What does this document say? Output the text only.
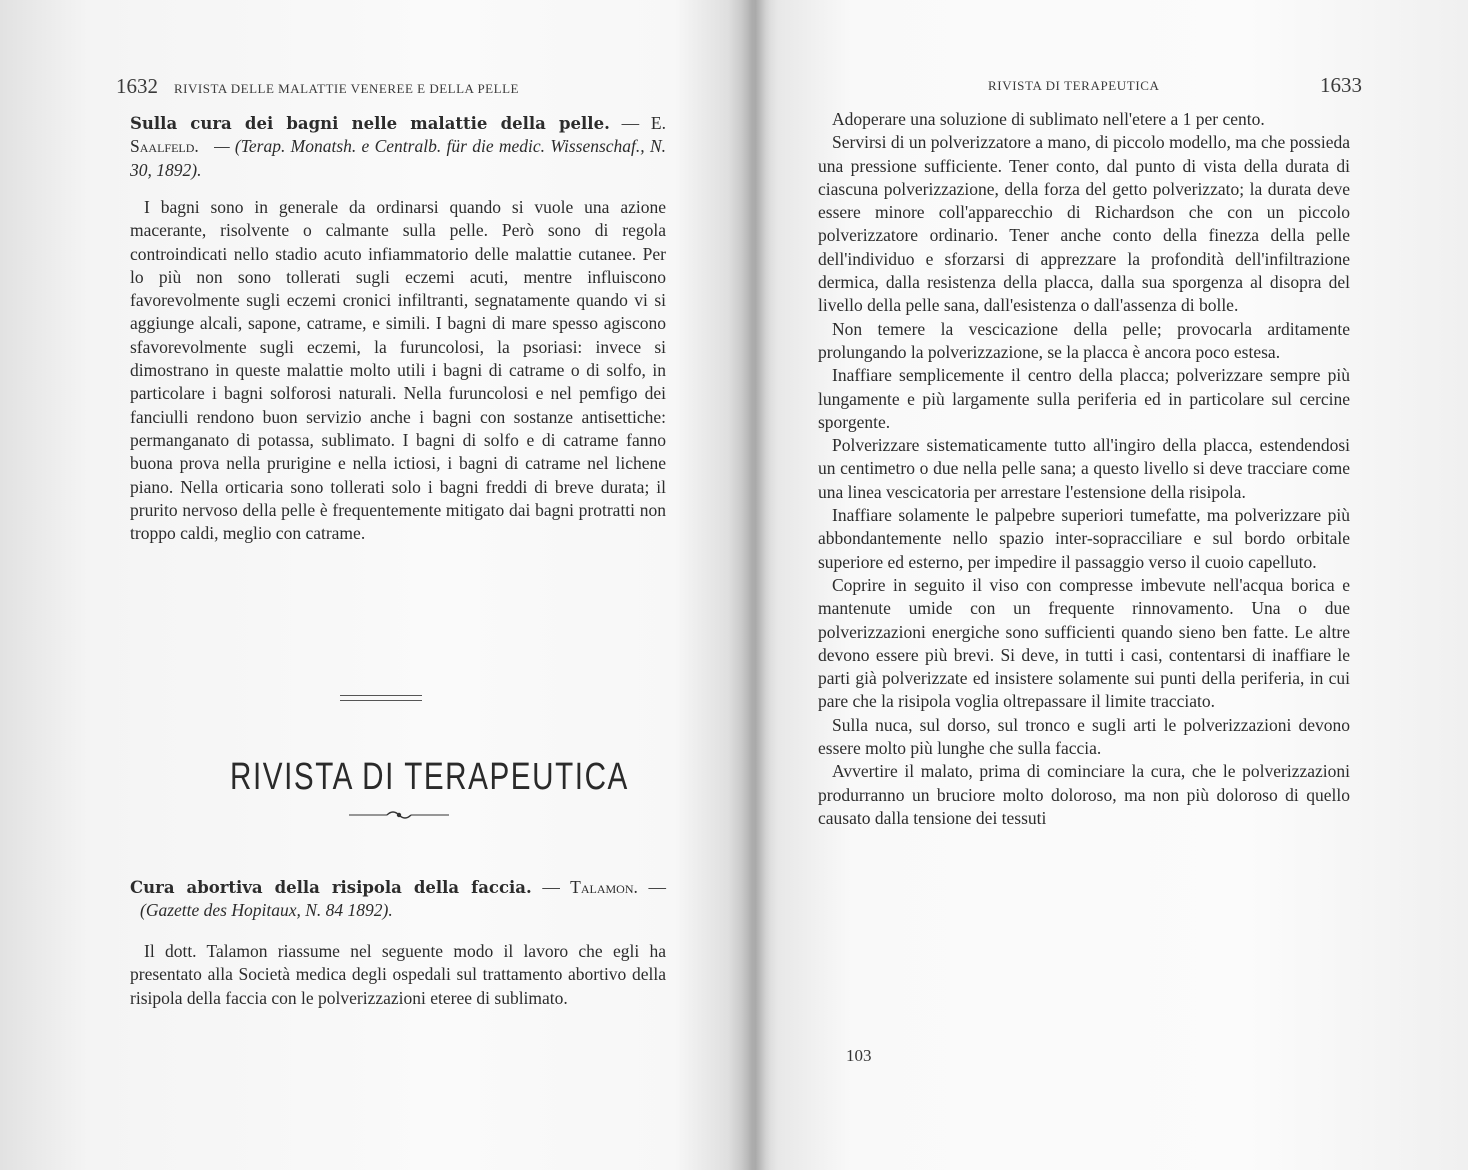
1632 RIVISTA DELLE MALATTIE VENEREE E DELLA PELLE

Sulla cura dei bagni nelle malattie della pelle. — E. Saalfeld. — (Terap. Monatsh. e Centralb. für die medic. Wissenschaf., N. 30, 1892).

I bagni sono in generale da ordinarsi quando si vuole una azione macerante, risolvente o calmante sulla pelle. Però sono di regola controindicati nello stadio acuto infiammatorio delle malattie cutanee. Per lo più non sono tollerati sugli eczemi acuti, mentre influiscono favorevolmente sugli eczemi cronici infiltranti, segnatamente quando vi si aggiunge alcali, sapone, catrame, e simili. I bagni di mare spesso agiscono sfavorevolmente sugli eczemi, la furuncolosi, la psoriasi: invece si dimostrano in queste malattie molto utili i bagni di catrame o di solfo, in particolare i bagni solforosi naturali. Nella furuncolosi e nel pemfigo dei fanciulli rendono buon servizio anche i bagni con sostanze antisettiche: permanganato di potassa, sublimato. I bagni di solfo e di catrame fanno buona prova nella prurigine e nella ictiosi, i bagni di catrame nel lichene piano. Nella orticaria sono tollerati solo i bagni freddi di breve durata; il prurito nervoso della pelle è frequentemente mitigato dai bagni protratti non troppo caldi, meglio con catrame.

RIVISTA DI TERAPEUTICA

Cura abortiva della risipola della faccia. — Talamon. — (Gazette des Hopitaux, N. 84 1892).

Il dott. Talamon riassume nel seguente modo il lavoro che egli ha presentato alla Società medica degli ospedali sul trattamento abortivo della risipola della faccia con le polverizzazioni eteree di sublimato.

RIVISTA DI TERAPEUTICA	1633

Adoperare una soluzione di sublimato nell'etere a 1 per cento.

Servirsi di un polverizzatore a mano, di piccolo modello, ma che possieda una pressione sufficiente. Tener conto, dal punto di vista della durata di ciascuna polverizzazione, della forza del getto polverizzato; la durata deve essere minore coll'apparecchio di Richardson che con un piccolo polverizzatore ordinario. Tener anche conto della finezza della pelle dell'individuo e sforzarsi di apprezzare la profondità dell'infiltrazione dermica, dalla resistenza della placca, dalla sua sporgenza al disopra del livello della pelle sana, dall'esistenza o dall'assenza di bolle.

Non temere la vescicazione della pelle; provocarla arditamente prolungando la polverizzazione, se la placca è ancora poco estesa.

Inaffiare semplicemente il centro della placca; polverizzare sempre più lungamente e più largamente sulla periferia ed in particolare sul cercine sporgente.

Polverizzare sistematicamente tutto all'ingiro della placca, estendendosi un centimetro o due nella pelle sana; a questo livello si deve tracciare come una linea vescicatoria per arrestare l'estensione della risipola.

Inaffiare solamente le palpebre superiori tumefatte, ma polverizzare più abbondantemente nello spazio inter-sopracciliare e sul bordo orbitale superiore ed esterno, per impedire il passaggio verso il cuoio capelluto.

Coprire in seguito il viso con compresse imbevute nell'acqua borica e mantenute umide con un frequente rinnovamento. Una o due polverizzazioni energiche sono sufficienti quando sieno ben fatte. Le altre devono essere più brevi. Si deve, in tutti i casi, contentarsi di inaffiare le parti già polverizzate ed insistere solamente sui punti della periferia, in cui pare che la risipola voglia oltrepassare il limite tracciato.

Sulla nuca, sul dorso, sul tronco e sugli arti le polverizzazioni devono essere molto più lunghe che sulla faccia.

Avvertire il malato, prima di cominciare la cura, che le polverizzazioni produrranno un bruciore molto doloroso, ma non più doloroso di quello causato dalla tensione dei tessuti

103
